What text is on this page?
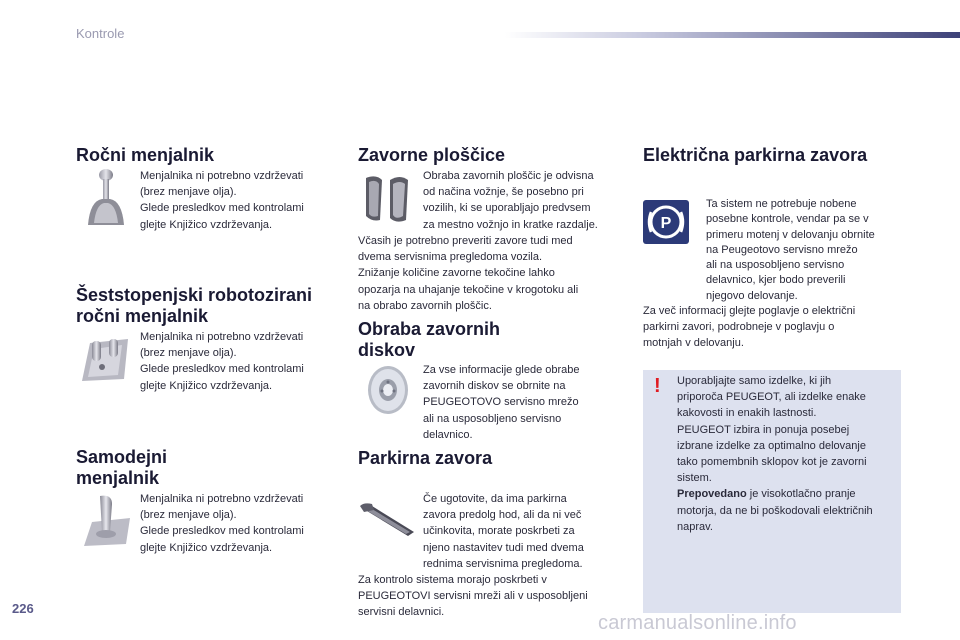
Kontrole
Ročni menjalnik
Menjalnika ni potrebno vzdrževati
(brez menjave olja).
Glede presledkov med kontrolami
glejte Knjižico vzdrževanja.
Šeststopenjski robotozirani
ročni menjalnik
Menjalnika ni potrebno vzdrževati
(brez menjave olja).
Glede presledkov med kontrolami
glejte Knjižico vzdrževanja.
Samodejni
menjalnik
Menjalnika ni potrebno vzdrževati
(brez menjave olja).
Glede presledkov med kontrolami
glejte Knjižico vzdrževanja.
Zavorne ploščice
Obraba zavornih ploščic je odvisna
od načina vožnje, še posebno pri
vozilih, ki se uporabljajo predvsem
za mestno vožnjo in kratke razdalje.
Včasih je potrebno preveriti zavore tudi med
dvema servisnima pregledoma vozila.
Znižanje količine zavorne tekočine lahko
opozarja na uhajanje tekočine v krogotoku ali
na obrabo zavornih ploščic.
Obraba zavornih
diskov
Za vse informacije glede obrabe
zavornih diskov se obrnite na
PEUGEOTOVO servisno mrežo
ali na usposobljeno servisno
delavnico.
Parkirna zavora
Če ugotovite, da ima parkirna
zavora predolg hod, ali da ni več
učinkovita, morate poskrbeti za
njeno nastavitev tudi med dvema
rednima servisnima pregledoma.
Za kontrolo sistema morajo poskrbeti v
PEUGEOTOVI servisni mreži ali v usposobljeni
servisni delavnici.
Električna parkirna zavora
P
Ta sistem ne potrebuje nobene
posebne kontrole, vendar pa se v
primeru motenj v delovanju obrnite
na Peugeotovo servisno mrežo
ali na usposobljeno servisno
delavnico, kjer bodo preverili
njegovo delovanje.
Za več informacij glejte poglavje o električni
parkirni zavori, podrobneje v poglavju o
motnjah v delovanju.
! Uporabljajte samo izdelke, ki jih
priporoča PEUGEOT, ali izdelke enake
kakovosti in enakih lastnosti.
PEUGEOT izbira in ponuja posebej
izbrane izdelke za optimalno delovanje
tako pomembnih sklopov kot je zavorni
sistem.
Prepovedano je visokotlačno pranje
motorja, da ne bi poškodovali električnih
naprav.
226
carmanualsonline.info
